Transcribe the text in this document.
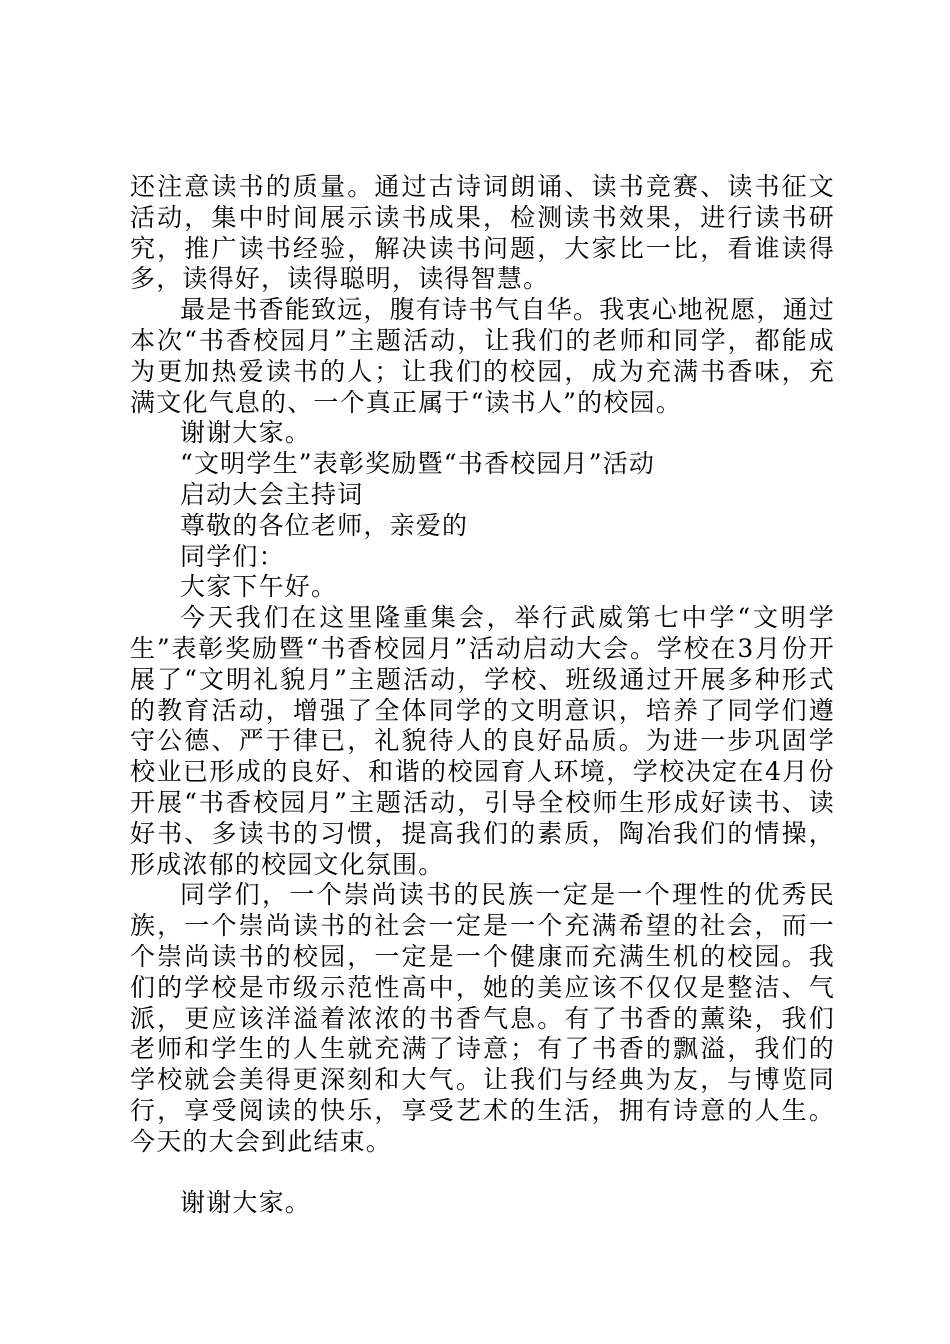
还注意读书的质量。通过古诗词朗诵、读书竞赛、读书征文活动，集中时间展示读书成果，检测读书效果，进行读书研究，推广读书经验，解决读书问题，大家比一比，看谁读得多，读得好，读得聪明，读得智慧。

最是书香能致远，腹有诗书气自华。我衷心地祝愿，通过本次“书香校园月”主题活动，让我们的老师和同学，都能成为更加热爱读书的人；让我们的校园，成为充满书香味，充满文化气息的、一个真正属于“读书人”的校园。

谢谢大家。

“文明学生”表彰奖励暨“书香校园月”活动

启动大会主持词

尊敬的各位老师，亲爱的

同学们：

大家下午好。

今天我们在这里隆重集会，举行武威第七中学“文明学生”表彰奖励暨“书香校园月”活动启动大会。学校在3月份开展了“文明礼貌月”主题活动，学校、班级通过开展多种形式的教育活动，增强了全体同学的文明意识，培养了同学们遵守公德、严于律已，礼貌待人的良好品质。为进一步巩固学校业已形成的良好、和谐的校园育人环境，学校决定在4月份开展“书香校园月”主题活动，引导全校师生形成好读书、读好书、多读书的习惯，提高我们的素质，陶冶我们的情操，形成浓郁的校园文化氛围。

同学们，一个崇尚读书的民族一定是一个理性的优秀民族，一个崇尚读书的社会一定是一个充满希望的社会，而一个崇尚读书的校园，一定是一个健康而充满生机的校园。我们的学校是市级示范性高中，她的美应该不仅仅是整洁、气派，更应该洋溢着浓浓的书香气息。有了书香的薰染，我们老师和学生的人生就充满了诗意；有了书香的飘溢，我们的学校就会美得更深刻和大气。让我们与经典为友，与博览同行，享受阅读的快乐，享受艺术的生活，拥有诗意的人生。今天的大会到此结束。

谢谢大家。
